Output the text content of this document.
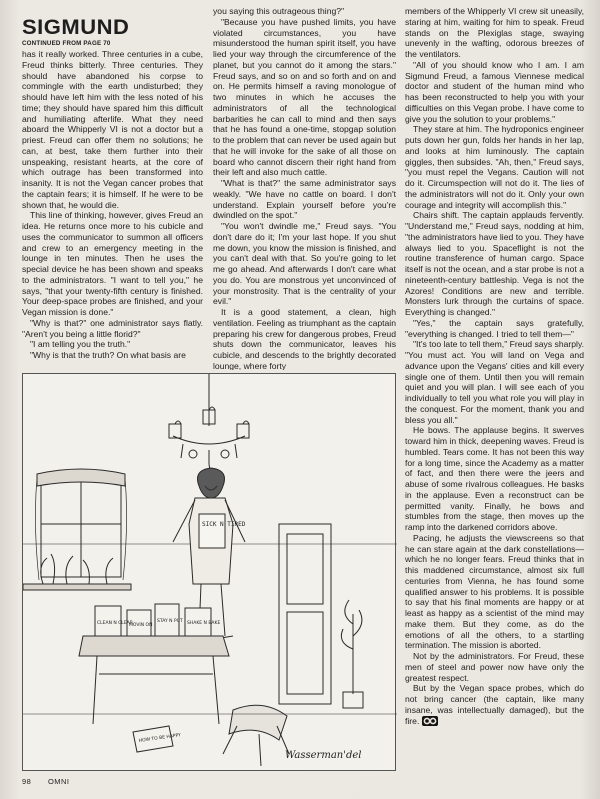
SIGMUND
CONTINUED FROM PAGE 70

has it really worked. Three centuries in a cube, Freud thinks bitterly. Three centuries. They should have abandoned his corpse to commingle with the earth undisturbed; they should have left him with the less noted of his time; they should have spared him this difficult and humiliating afterlife. What they need aboard the Whipperly VI is not a doctor but a priest. Freud can offer them no solutions; he can, at best, take them further into their unspeaking, resistant hearts, at the core of which outrage has been transformed into insanity. It is not the Vegan cancer probes that the captain fears; it is himself. If he were to be shown that, he would die.

This line of thinking, however, gives Freud an idea. He returns once more to his cubicle and uses the communicator to summon all officers and crew to an emergency meeting in the lounge in ten minutes. Then he uses the special device he has been shown and speaks to the administrators. "I want to tell you," he says, "that your twenty-fifth century is finished. Your deep-space probes are finished, and your Vegan mission is done."

"Why is that?" one administrator says flatly. "Aren't you being a little florid?"

"I am telling you the truth."

"Why is that the truth? On what basis are

you saying this outrageous thing?"

"Because you have pushed limits, you have violated circumstances, you have misunderstood the human spirit itself, you have lied your way through the circumference of the planet, but you cannot do it among the stars." Freud says, and so on and so forth and on and on. He permits himself a raving monologue of two minutes in which he accuses the administrators of all the technological barbarities he can call to mind and then says that he has found a one-time, stopgap solution to the problem that can never be used again but that he will invoke for the sake of all those on board who cannot discern their right hand from their left and also much cattle.

"What is that?" the same administrator says weakly. "We have no cattle on board. I don't understand. Explain yourself before you're dwindled on the spot."

"You won't dwindle me," Freud says. "You don't dare do it; I'm your last hope. If you shut me down, you know the mission is finished, and you can't deal with that. So you're going to let me go ahead. And afterwards I don't care what you do. You are monstrous yet unconvinced of your monstrosity. That is the centrality of your evil."

It is a good statement, a clean, high ventilation. Feeling as triumphant as the captain preparing his crew for dangerous probes, Freud shuts down the communicator, leaves his cubicle, and descends to the brightly decorated lounge, where forty

members of the Whipperly VI crew sit uneasily, staring at him, waiting for him to speak. Freud stands on the Plexiglas stage, swaying unevenly in the wafting, odorous breezes of the ventilators.

"All of you should know who I am. I am Sigmund Freud, a famous Viennese medical doctor and student of the human mind who has been reconstructed to help you with your difficulties on this Vegan probe. I have come to give you the solution to your problems."

They stare at him. The hydroponics engineer puts down her gun, folds her hands in her lap, and looks at him luminously. The captain giggles, then subsides. "Ah, then," Freud says, "you must repel the Vegans. Caution will not do it. Circumspection will not do it. The lies of the administrators will not do it. Only your own courage and integrity will accomplish this."

Chairs shift. The captain applauds fervently. "Understand me," Freud says, nodding at him, "the administrators have lied to you. They have always lied to you. Spaceflight is not the routine transference of human cargo. Space itself is not the ocean, and a star probe is not a nineteenth-century battleship. Vega is not the Azores! Conditions are new and terrible. Monsters lurk through the curtains of space. Everything is changed."

"Yes," the captain says gratefully, "everything is changed. I tried to tell them—"

"It's too late to tell them," Freud says sharply. "You must act. You will land on Vega and advance upon the Vegans' cities and kill every single one of them. Until then you will remain quiet and you will plan. I will see each of you individually to tell you what role you will play in the conquest. For the moment, thank you and bless you all."

He bows. The applause begins. It swerves toward him in thick, deepening waves. Freud is humbled. Tears come. It has not been this way for a long time, since the Academy as a matter of fact, and then there were the jeers and abuse of some rivalrous colleagues. He basks in the applause. Even a reconstruct can be permitted vanity. Finally, he bows and stumbles from the stage, then moves up the ramp into the darkened corridors above.

Pacing, he adjusts the viewscreens so that he can stare again at the dark constellations—which he no longer fears. Freud thinks that in this maddened circumstance, almost six full centuries from Vienna, he has found some qualified answer to his problems. It is possible to say that his final moments are happy or at least as happy as a scientist of the mind may make them. But they come, as do the emotions of all the others, to a startling termination. The mission is aborted.

Not by the administrators. For Freud, these men of steel and power now have only the greatest respect.

But by the Vegan space probes, which do not bring cancer (the captain, like many insane, was intellectually damaged), but the fire.

SICK N TIRED
CLEAN N CLEAR
MOVIN ON
STAY N PUT SHAKE N BAKE
HOW TO BE HAPPY
Wasserman'del
98 OMNI
